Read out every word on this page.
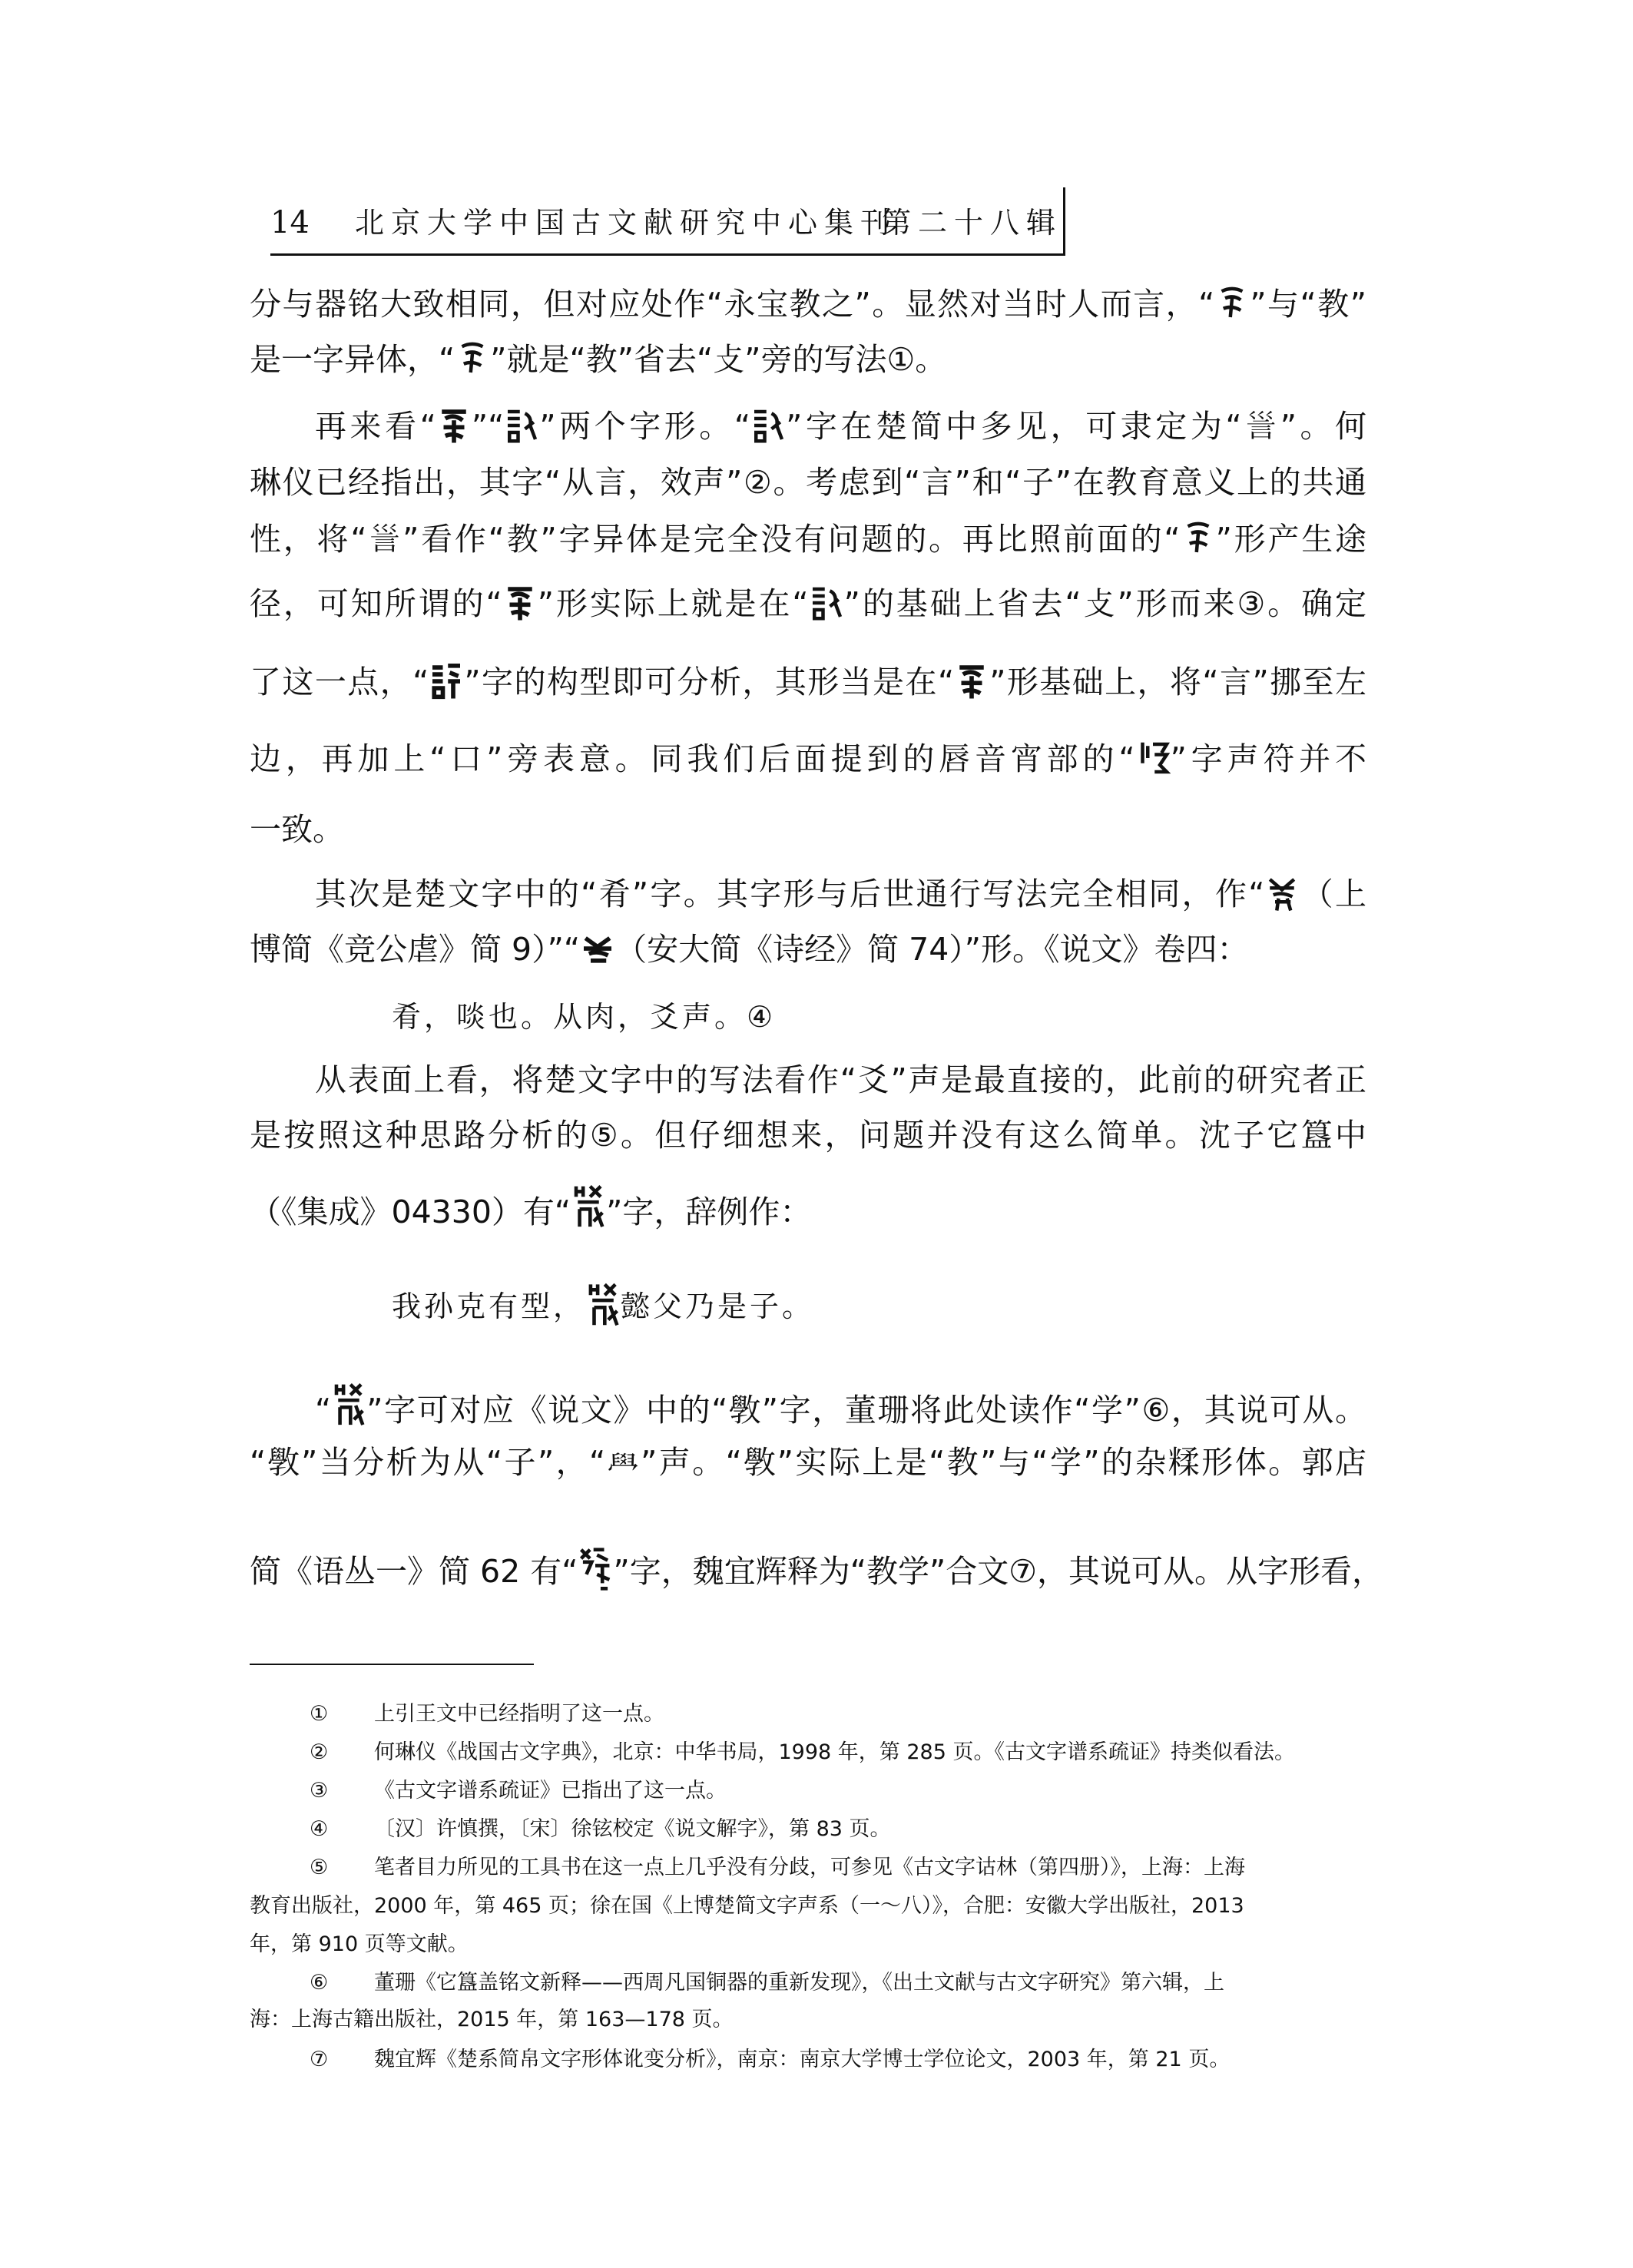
14 北京大学中国古文献研究中心集刊
第二十八辑
分与器铭大致相同，但对应处作“永宝教之”。显然对当时人而言，“ ”与“教”
是一字异体，“ ”就是“教”省去“攴”旁的写法①。
再来看“ ”“ ”两个字形。“ ”字在楚简中多见，可隶定为“𧥥”。何
琳仪已经指出，其字“从言，效声”②。考虑到“言”和“子”在教育意义上的共通
性，将“𧥥”看作“教”字异体是完全没有问题的。再比照前面的“ ”形产生途
径，可知所谓的“ ”形实际上就是在“ ”的基础上省去“攴”形而来③。确定
了这一点，“ ”字的构型即可分析，其形当是在“ ”形基础上，将“言”挪至左
边，再加上“口”旁表意。同我们后面提到的唇音宵部的“ ”字声符并不
一致。
其次是楚文字中的“肴”字。其字形与后世通行写法完全相同，作“ （上
博简《竞公虐》简 9）”“ （安大简《诗经》简 74）”形。《说文》卷四：
肴，啖也。从肉，爻声。④
从表面上看，将楚文字中的写法看作“爻”声是最直接的，此前的研究者正
是按照这种思路分析的⑤。但仔细想来，问题并没有这么简单。沈子它簋中
（《集成》04330）有“ ”字，辞例作：
我孙克有型， 懿父乃是子。
“ ”字可对应《说文》中的“斆”字，董珊将此处读作“学”⑥，其说可从。
“斆”当分析为从“子”，“𦥯”声。“斆”实际上是“教”与“学”的杂糅形体。郭店
简《语丛一》简 62 有“ ”字，魏宜辉释为“教学”合文⑦，其说可从。从字形看，
① 上引王文中已经指明了这一点。
② 何琳仪《战国古文字典》，北京：中华书局，1998 年，第 285 页。《古文字谱系疏证》持类似看法。
③ 《古文字谱系疏证》已指出了这一点。
④ 〔汉〕许慎撰，〔宋〕徐铉校定《说文解字》，第 83 页。
⑤ 笔者目力所见的工具书在这一点上几乎没有分歧，可参见《古文字诂林（第四册）》，上海：上海
教育出版社，2000 年，第 465 页；徐在国《上博楚简文字声系（一～八）》，合肥：安徽大学出版社，2013
年，第 910 页等文献。
⑥ 董珊《它簋盖铭文新释——西周凡国铜器的重新发现》，《出土文献与古文字研究》第六辑，上
海：上海古籍出版社，2015 年，第 163—178 页。
⑦ 魏宜辉《楚系简帛文字形体讹变分析》，南京：南京大学博士学位论文，2003 年，第 21 页。
